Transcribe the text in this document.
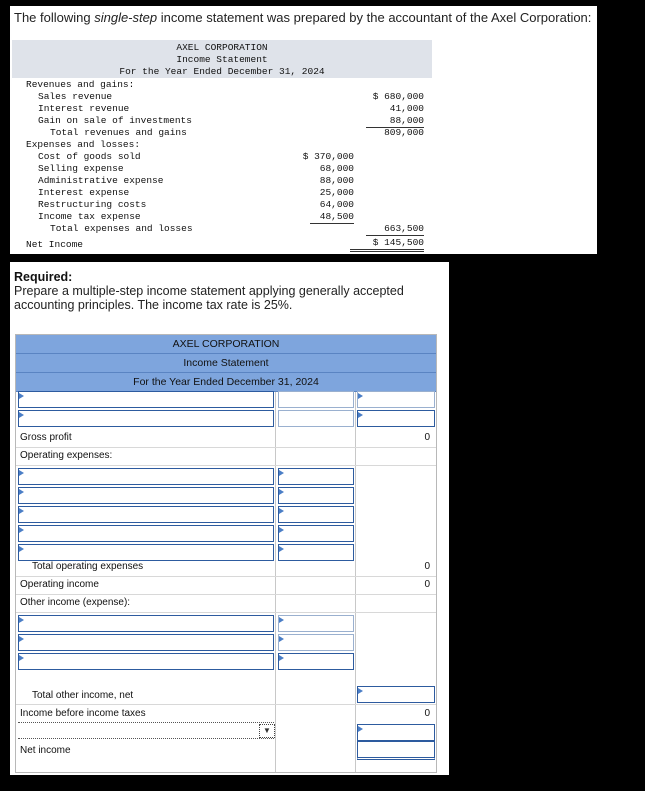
The following single-step income statement was prepared by the accountant of the Axel Corporation:
AXEL CORPORATION
Income Statement
For the Year Ended December 31, 2024
Revenues and gains:
Sales revenue	$ 680,000
Interest revenue	41,000
Gain on sale of investments	88,000
Total revenues and gains	809,000
Expenses and losses:
Cost of goods sold	$ 370,000
Selling expense	68,000
Administrative expense	88,000
Interest expense	25,000
Restructuring costs	64,000
Income tax expense	48,500
Total expenses and losses	663,500
Net Income	$ 145,500
Required:
Prepare a multiple-step income statement applying generally accepted accounting principles. The income tax rate is 25%.
AXEL CORPORATION
Income Statement
For the Year Ended December 31, 2024
Gross profit	0
Operating expenses:
Total operating expenses	0
Operating income	0
Other income (expense):
Total other income, net
Income before income taxes	0
▼
Net income
